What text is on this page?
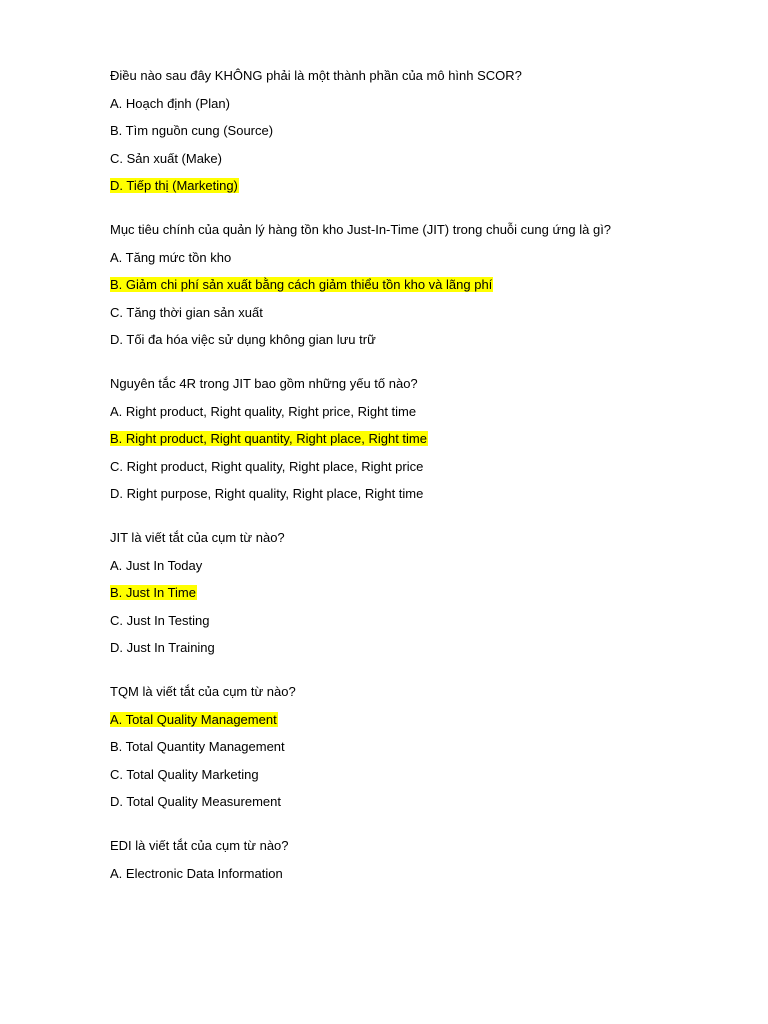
Điều nào sau đây KHÔNG phải là một thành phần của mô hình SCOR?
A. Hoạch định (Plan)
B. Tìm nguồn cung (Source)
C. Sản xuất (Make)
D. Tiếp thị (Marketing)
Mục tiêu chính của quản lý hàng tồn kho Just-In-Time (JIT) trong chuỗi cung ứng là gì?
A. Tăng mức tồn kho
B. Giảm chi phí sản xuất bằng cách giảm thiểu tồn kho và lãng phí
C. Tăng thời gian sản xuất
D. Tối đa hóa việc sử dụng không gian lưu trữ
Nguyên tắc 4R trong JIT bao gồm những yếu tố nào?
A. Right product, Right quality, Right price, Right time
B. Right product, Right quantity, Right place, Right time
C. Right product, Right quality, Right place, Right price
D. Right purpose, Right quality, Right place, Right time
JIT là viết tắt của cụm từ nào?
A. Just In Today
B. Just In Time
C. Just In Testing
D. Just In Training
TQM là viết tắt của cụm từ nào?
A. Total Quality Management
B. Total Quantity Management
C. Total Quality Marketing
D. Total Quality Measurement
EDI là viết tắt của cụm từ nào?
A. Electronic Data Information
